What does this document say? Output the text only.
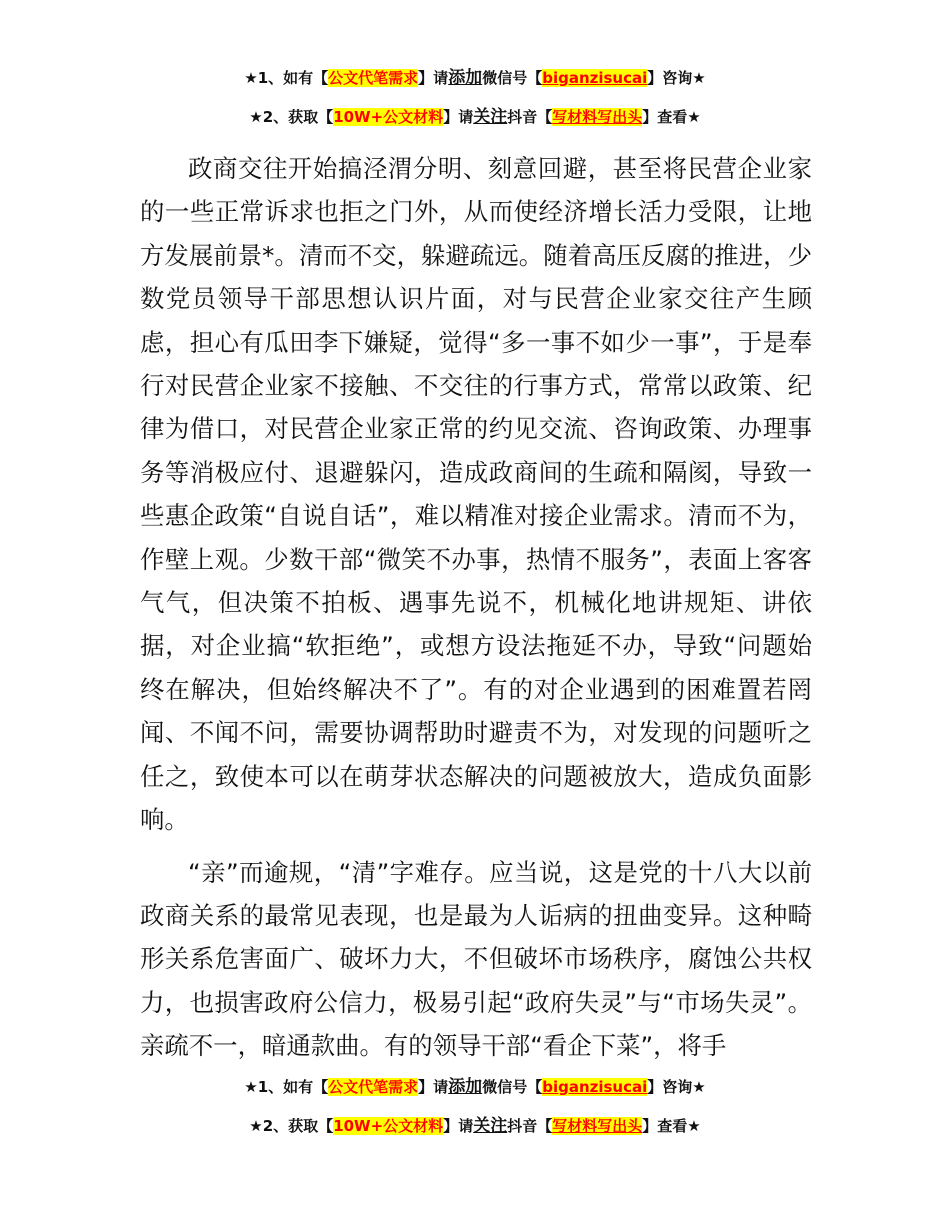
★1、如有【公文代笔需求】请添加微信号【biganzisucai】咨询★
★2、获取【10W+公文材料】请关注抖音【写材料写出头】查看★

政商交往开始搞泾渭分明、刻意回避，甚至将民营企业家的一些正常诉求也拒之门外，从而使经济增长活力受限，让地方发展前景*。清而不交，躲避疏远。随着高压反腐的推进，少数党员领导干部思想认识片面，对与民营企业家交往产生顾虑，担心有瓜田李下嫌疑，觉得“多一事不如少一事”，于是奉行对民营企业家不接触、不交往的行事方式，常常以政策、纪律为借口，对民营企业家正常的约见交流、咨询政策、办理事务等消极应付、退避躲闪，造成政商间的生疏和隔阂，导致一些惠企政策“自说自话”，难以精准对接企业需求。清而不为，作壁上观。少数干部“微笑不办事，热情不服务”，表面上客客气气，但决策不拍板、遇事先说不，机械化地讲规矩、讲依据，对企业搞“软拒绝”，或想方设法拖延不办，导致“问题始终在解决，但始终解决不了”。有的对企业遇到的困难置若罔闻、不闻不问，需要协调帮助时避责不为，对发现的问题听之任之，致使本可以在萌芽状态解决的问题被放大，造成负面影响。

“亲”而逾规，“清”字难存。应当说，这是党的十八大以前政商关系的最常见表现，也是最为人诟病的扭曲变异。这种畸形关系危害面广、破坏力大，不但破坏市场秩序，腐蚀公共权力，也损害政府公信力，极易引起“政府失灵”与“市场失灵”。亲疏不一，暗通款曲。有的领导干部“看企下菜”，将手

★1、如有【公文代笔需求】请添加微信号【biganzisucai】咨询★
★2、获取【10W+公文材料】请关注抖音【写材料写出头】查看★
